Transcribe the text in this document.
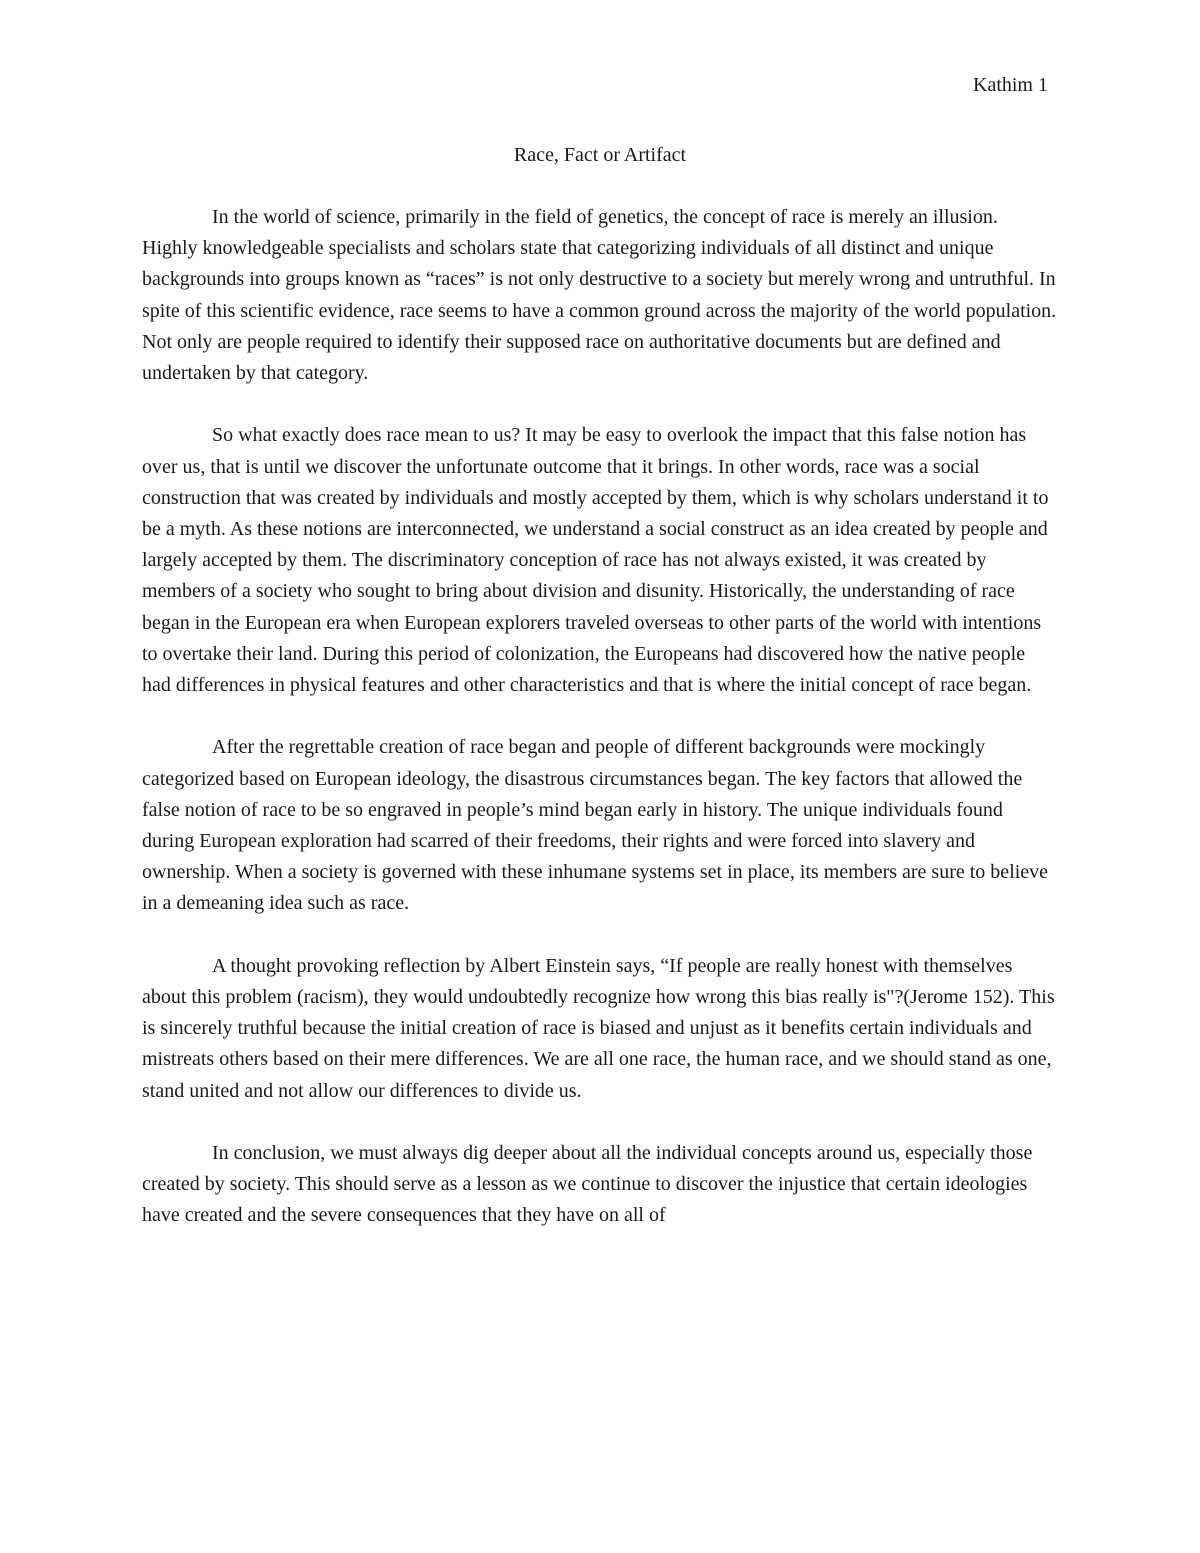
Kathim 1
Race, Fact or Artifact

In the world of science, primarily in the field of genetics, the concept of race is merely an illusion. Highly knowledgeable specialists and scholars state that categorizing individuals of all distinct and unique backgrounds into groups known as “races” is not only destructive to a society but merely wrong and untruthful. In spite of this scientific evidence, race seems to have a common ground across the majority of the world population. Not only are people required to identify their supposed race on authoritative documents but are defined and undertaken by that category.

So what exactly does race mean to us? It may be easy to overlook the impact that this false notion has over us, that is until we discover the unfortunate outcome that it brings. In other words, race was a social construction that was created by individuals and mostly accepted by them, which is why scholars understand it to be a myth. As these notions are interconnected, we understand a social construct as an idea created by people and largely accepted by them. The discriminatory conception of race has not always existed, it was created by members of a society who sought to bring about division and disunity. Historically, the understanding of race began in the European era when European explorers traveled overseas to other parts of the world with intentions to overtake their land. During this period of colonization, the Europeans had discovered how the native people had differences in physical features and other characteristics and that is where the initial concept of race began.

After the regrettable creation of race began and people of different backgrounds were mockingly categorized based on European ideology, the disastrous circumstances began. The key factors that allowed the false notion of race to be so engraved in people’s mind began early in history. The unique individuals found during European exploration had scarred of their freedoms, their rights and were forced into slavery and ownership. When a society is governed with these inhumane systems set in place, its members are sure to believe in a demeaning idea such as race.

A thought provoking reflection by Albert Einstein says, “If people are really honest with themselves about this problem (racism), they would undoubtedly recognize how wrong this bias really is"?(Jerome 152). This is sincerely truthful because the initial creation of race is biased and unjust as it benefits certain individuals and mistreats others based on their mere differences. We are all one race, the human race, and we should stand as one, stand united and not allow our differences to divide us.

In conclusion, we must always dig deeper about all the individual concepts around us, especially those created by society. This should serve as a lesson as we continue to discover the injustice that certain ideologies have created and the severe consequences that they have on all of
